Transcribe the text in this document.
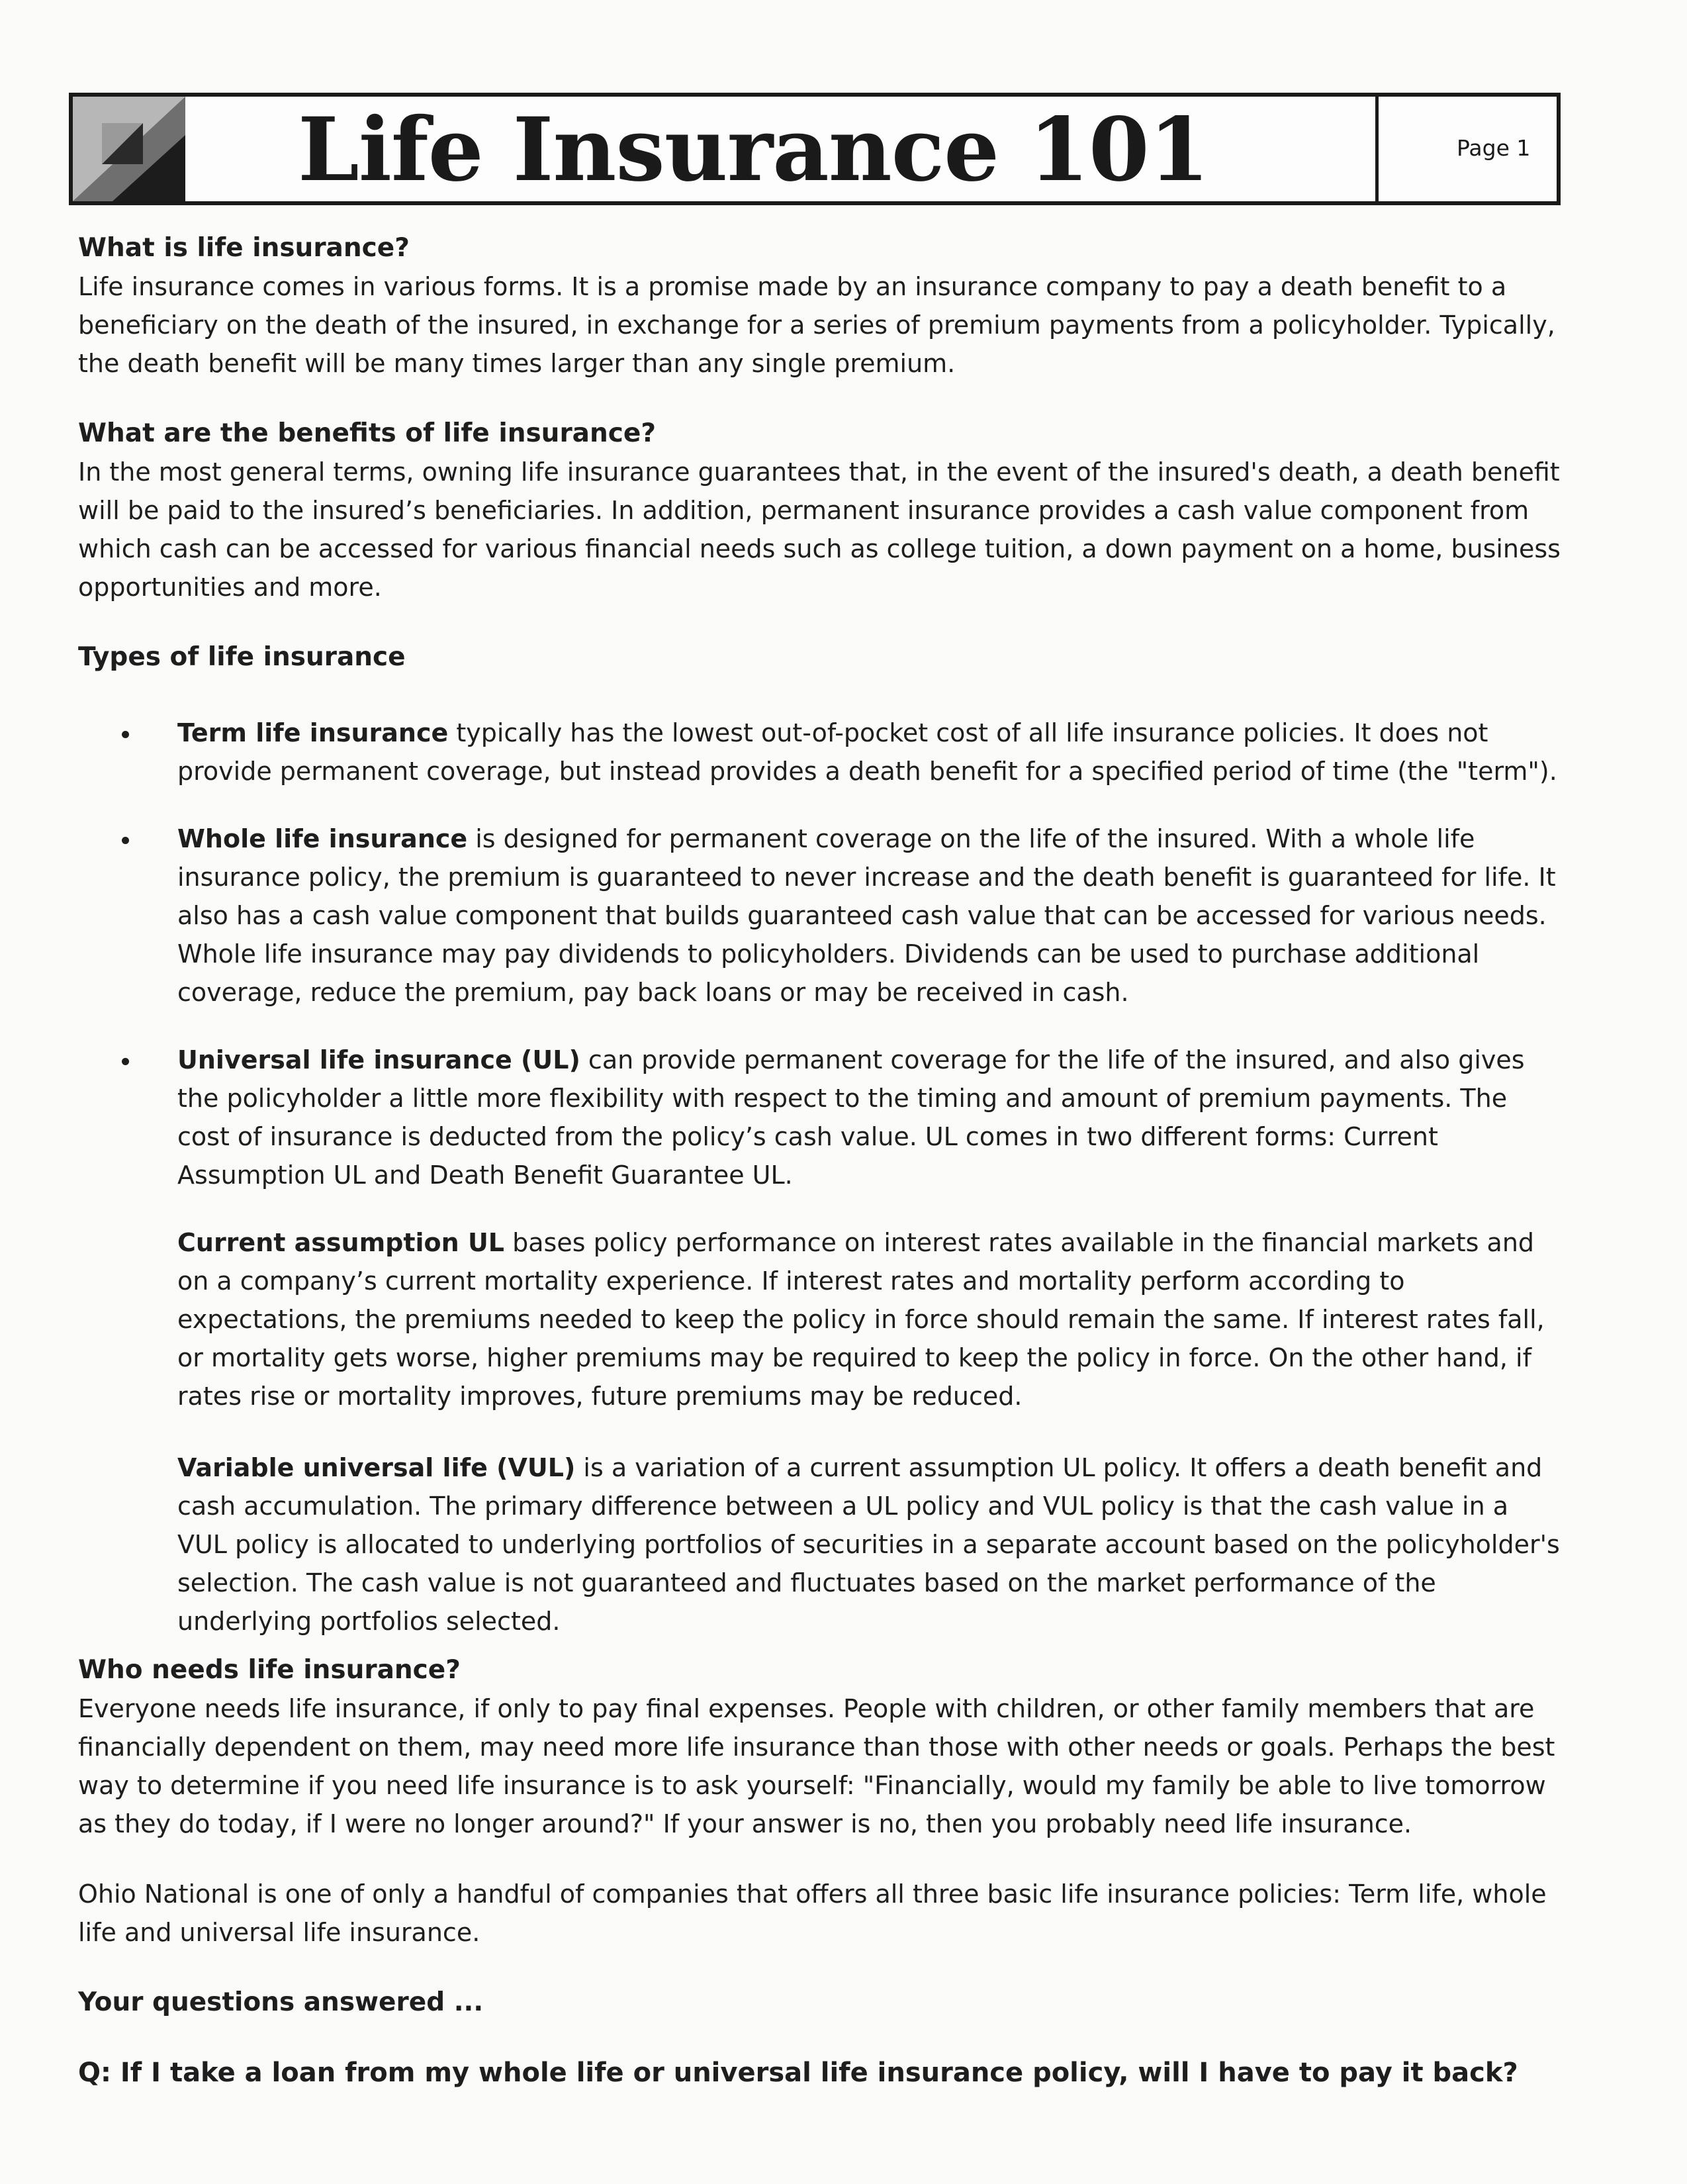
Life Insurance 101	Page 1

What is life insurance?

Life insurance comes in various forms. It is a promise made by an insurance company to pay a death benefit to a beneficiary on the death of the insured, in exchange for a series of premium payments from a policyholder. Typically, the death benefit will be many times larger than any single premium.

What are the benefits of life insurance?

In the most general terms, owning life insurance guarantees that, in the event of the insured's death, a death benefit will be paid to the insured’s beneficiaries. In addition, permanent insurance provides a cash value component from which cash can be accessed for various financial needs such as college tuition, a down payment on a home, business opportunities and more.

Types of life insurance

Term life insurance typically has the lowest out-of-pocket cost of all life insurance policies. It does not provide permanent coverage, but instead provides a death benefit for a specified period of time (the "term").
Whole life insurance is designed for permanent coverage on the life of the insured. With a whole life insurance policy, the premium is guaranteed to never increase and the death benefit is guaranteed for life. It also has a cash value component that builds guaranteed cash value that can be accessed for various needs. Whole life insurance may pay dividends to policyholders. Dividends can be used to purchase additional coverage, reduce the premium, pay back loans or may be received in cash.
Universal life insurance (UL) can provide permanent coverage for the life of the insured, and also gives the policyholder a little more flexibility with respect to the timing and amount of premium payments. The cost of insurance is deducted from the policy’s cash value. UL comes in two different forms: Current Assumption UL and Death Benefit Guarantee UL.

Current assumption UL bases policy performance on interest rates available in the financial markets and on a company’s current mortality experience. If interest rates and mortality perform according to expectations, the premiums needed to keep the policy in force should remain the same. If interest rates fall, or mortality gets worse, higher premiums may be required to keep the policy in force. On the other hand, if rates rise or mortality improves, future premiums may be reduced.

Variable universal life (VUL) is a variation of a current assumption UL policy. It offers a death benefit and cash accumulation. The primary difference between a UL policy and VUL policy is that the cash value in a VUL policy is allocated to underlying portfolios of securities in a separate account based on the policyholder's selection. The cash value is not guaranteed and fluctuates based on the market performance of the underlying portfolios selected.

Who needs life insurance?

Everyone needs life insurance, if only to pay final expenses. People with children, or other family members that are financially dependent on them, may need more life insurance than those with other needs or goals. Perhaps the best way to determine if you need life insurance is to ask yourself: "Financially, would my family be able to live tomorrow as they do today, if I were no longer around?" If your answer is no, then you probably need life insurance.

Ohio National is one of only a handful of companies that offers all three basic life insurance policies: Term life, whole life and universal life insurance.

Your questions answered ...

Q: If I take a loan from my whole life or universal life insurance policy, will I have to pay it back?
